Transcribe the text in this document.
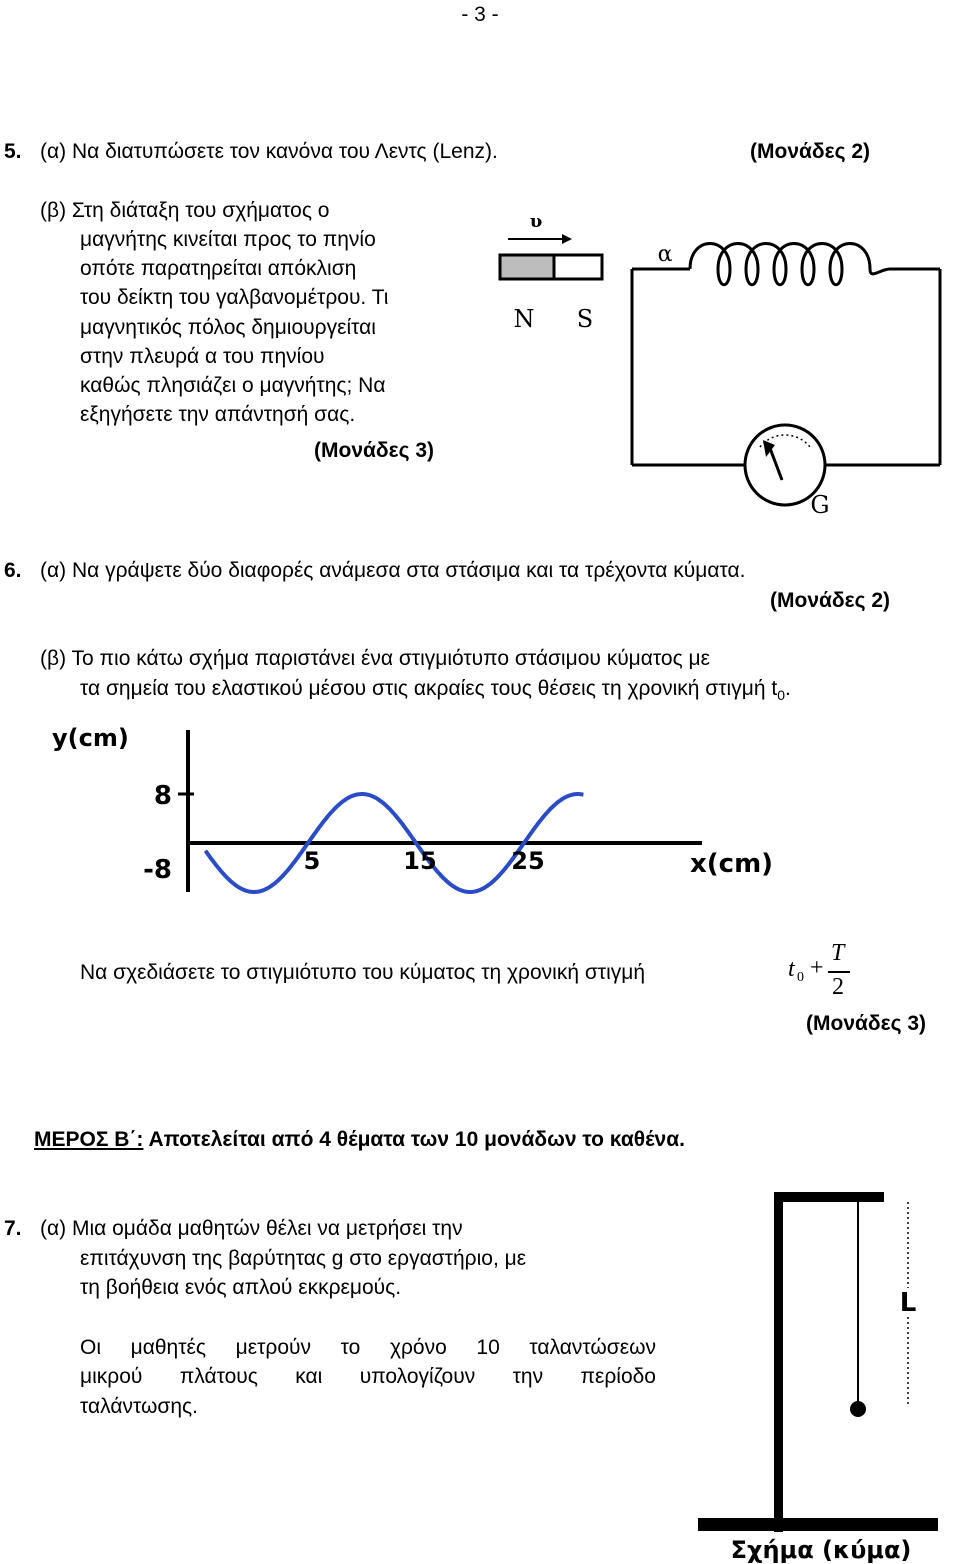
- 3 -
5. (α) Να διατυπώσετε τον κανόνα του Λεντς (Lenz).	(Μονάδες 2)
(β) Στη διάταξη του σχήματος ο
μαγνήτης κινείται προς το πηνίο
οπότε παρατηρείται απόκλιση
του δείκτη του γαλβανομέτρου. Τι
μαγνητικός πόλος δημιουργείται
στην πλευρά α του πηνίου
καθώς πλησιάζει ο μαγνήτης; Να
εξηγήσετε την απάντησή σας.
(Μονάδες 3)
υ
N S
α
G
6. (α) Να γράψετε δύο διαφορές ανάμεσα στα στάσιμα και τα τρέχοντα κύματα.
(Μονάδες 2)
(β) Το πιο κάτω σχήμα παριστάνει ένα στιγμιότυπο στάσιμου κύματος με
τα σημεία του ελαστικού μέσου στις ακραίες τους θέσεις τη χρονική στιγμή $t_0$.
y(cm)
8
-8	5	15	25	x(cm)
Να σχεδιάσετε το στιγμιότυπο του κύματος τη χρονική στιγμή	t 0 +
T
2
(Μονάδες 3)
ΜΕΡΟΣ Β΄: Αποτελείται από 4 θέματα των 10 μονάδων το καθένα.
7. (α) Μια ομάδα μαθητών θέλει να μετρήσει την
επιτάχυνση της βαρύτητας g στο εργαστήριο, με
τη βοήθεια ενός απλού εκκρεμούς.
Οι μαθητές μετρούν το χρόνο 10 ταλαντώσεων
μικρού πλάτους και υπολογίζουν την περίοδο
ταλάντωσης.
L
Σχήμα (κύμα)
